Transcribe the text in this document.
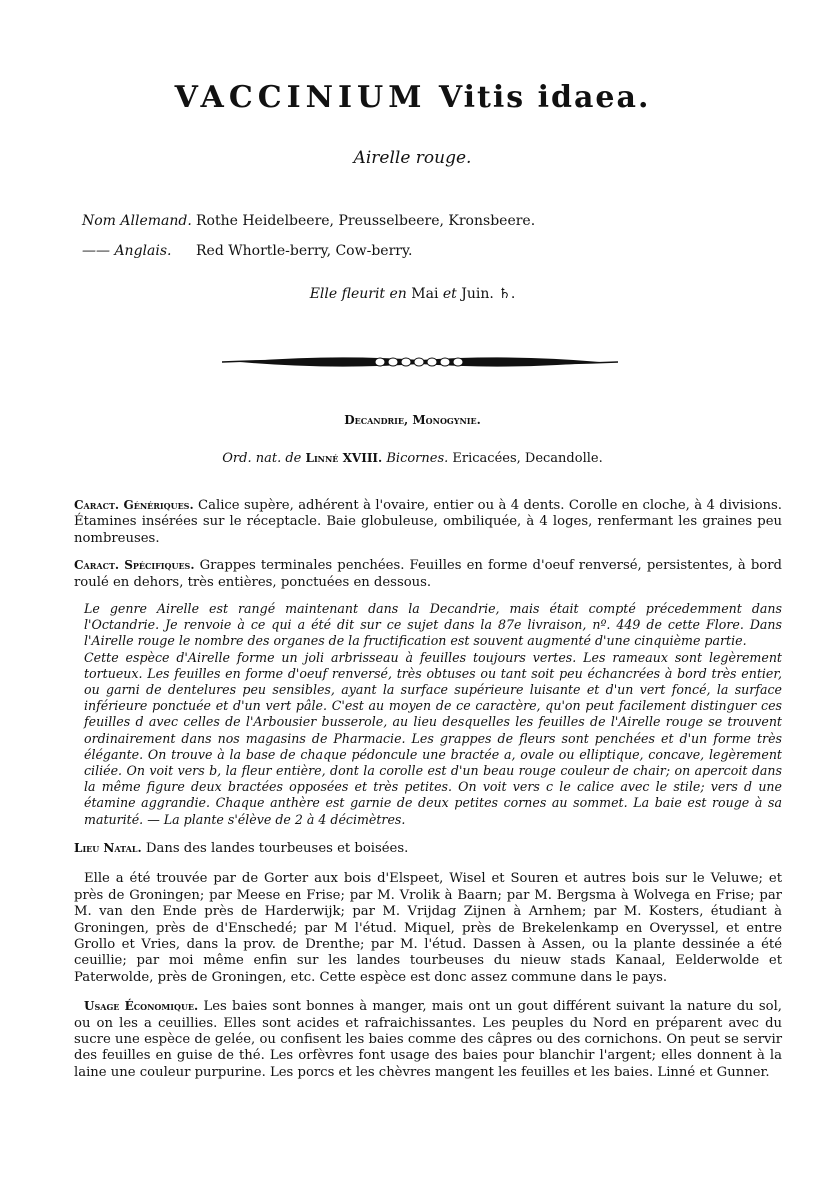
VACCINIUM Vitis idaea.

Airelle rouge.

Nom Allemand. Rothe Heidelbeere, Preusselbeere, Kronsbeere.
—— Anglais. Red Whortle-berry, Cow-berry.

Elle fleurit en Mai et Juin. ♄.

Decandrie, Monogynie.

Ord. nat. de Linné XVIII. Bicornes. Ericacées, Decandolle.

Caract. Génériques. Calice supère, adhérent à l'ovaire, entier ou à 4 dents. Corolle en cloche, à 4 divisions. Étamines insérées sur le réceptacle. Baie globuleuse, ombiliquée, à 4 loges, renfermant les graines peu nombreuses.

Caract. Spécifiques. Grappes terminales penchées. Feuilles en forme d'oeuf renversé, persistentes, à bord roulé en dehors, très entières, ponctuées en dessous.

Le genre Airelle est rangé maintenant dans la Decandrie, mais était compté précedemment dans l'Octandrie. Je renvoie à ce qui a été dit sur ce sujet dans la 87e livraison, nº. 449 de cette Flore. Dans l'Airelle rouge le nombre des organes de la fructification est souvent augmenté d'une cinquième partie.

Cette espèce d'Airelle forme un joli arbrisseau à feuilles toujours vertes. Les rameaux sont legèrement tortueux. Les feuilles en forme d'oeuf renversé, très obtuses ou tant soit peu échancrées à bord très entier, ou garni de dentelures peu sensibles, ayant la surface supérieure luisante et d'un vert foncé, la surface inférieure ponctuée et d'un vert pâle. C'est au moyen de ce caractère, qu'on peut facilement distinguer ces feuilles d avec celles de l'Arbousier busserole, au lieu desquelles les feuilles de l'Airelle rouge se trouvent ordinairement dans nos magasins de Pharmacie. Les grappes de fleurs sont penchées et d'un forme très élégante. On trouve à la base de chaque pédoncule une bractée a, ovale ou elliptique, concave, legèrement ciliée. On voit vers b, la fleur entière, dont la corolle est d'un beau rouge couleur de chair; on apercoit dans la même figure deux bractées opposées et très petites. On voit vers c le calice avec le stile; vers d une étamine aggrandie. Chaque anthère est garnie de deux petites cornes au sommet. La baie est rouge à sa maturité. — La plante s'élève de 2 à 4 décimètres.

Lieu Natal. Dans des landes tourbeuses et boisées.

Elle a été trouvée par de Gorter aux bois d'Elspeet, Wisel et Souren et autres bois sur le Veluwe; et près de Groningen; par Meese en Frise; par M. Vrolik à Baarn; par M. Bergsma à Wolvega en Frise; par M. van den Ende près de Harderwijk; par M. Vrijdag Zijnen à Arnhem; par M. Kosters, étudiant à Groningen, près de d'Enschedé; par M l'étud. Miquel, près de Brekelenkamp en Overyssel, et entre Grollo et Vries, dans la prov. de Drenthe; par M. l'étud. Dassen à Assen, ou la plante dessinée a été ceuillie; par moi même enfin sur les landes tourbeuses du nieuw stads Kanaal, Eelderwolde et Paterwolde, près de Groningen, etc. Cette espèce est donc assez commune dans le pays.

Usage Économique. Les baies sont bonnes à manger, mais ont un gout différent suivant la nature du sol, ou on les a ceuillies. Elles sont acides et rafraichissantes. Les peuples du Nord en préparent avec du sucre une espèce de gelée, ou confisent les baies comme des câpres ou des cornichons. On peut se servir des feuilles en guise de thé. Les orfèvres font usage des baies pour blanchir l'argent; elles donnent à la laine une couleur purpurine. Les porcs et les chèvres mangent les feuilles et les baies. Linné et Gunner.
